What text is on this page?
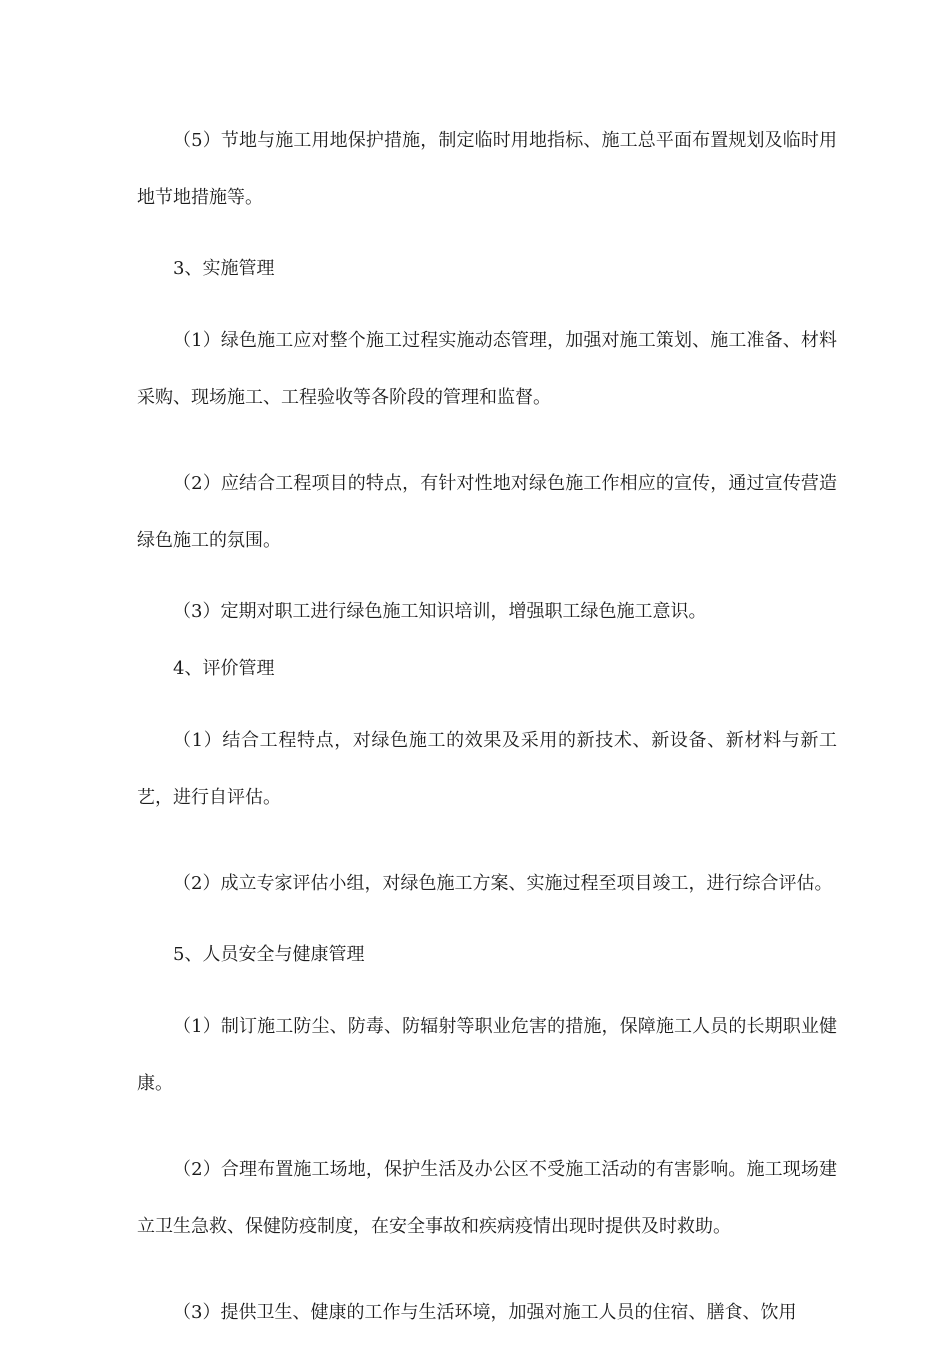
（5）节地与施工用地保护措施，制定临时用地指标、施工总平面布置规划及临时用地节地措施等。

3、实施管理

（1）绿色施工应对整个施工过程实施动态管理，加强对施工策划、施工准备、材料采购、现场施工、工程验收等各阶段的管理和监督。

（2）应结合工程项目的特点，有针对性地对绿色施工作相应的宣传，通过宣传营造绿色施工的氛围。

（3）定期对职工进行绿色施工知识培训，增强职工绿色施工意识。

4、评价管理

（1）结合工程特点，对绿色施工的效果及采用的新技术、新设备、新材料与新工艺，进行自评估。

（2）成立专家评估小组，对绿色施工方案、实施过程至项目竣工，进行综合评估。

5、人员安全与健康管理

（1）制订施工防尘、防毒、防辐射等职业危害的措施，保障施工人员的长期职业健康。

（2）合理布置施工场地，保护生活及办公区不受施工活动的有害影响。施工现场建立卫生急救、保健防疫制度，在安全事故和疾病疫情出现时提供及时救助。

（3）提供卫生、健康的工作与生活环境，加强对施工人员的住宿、膳食、饮用
